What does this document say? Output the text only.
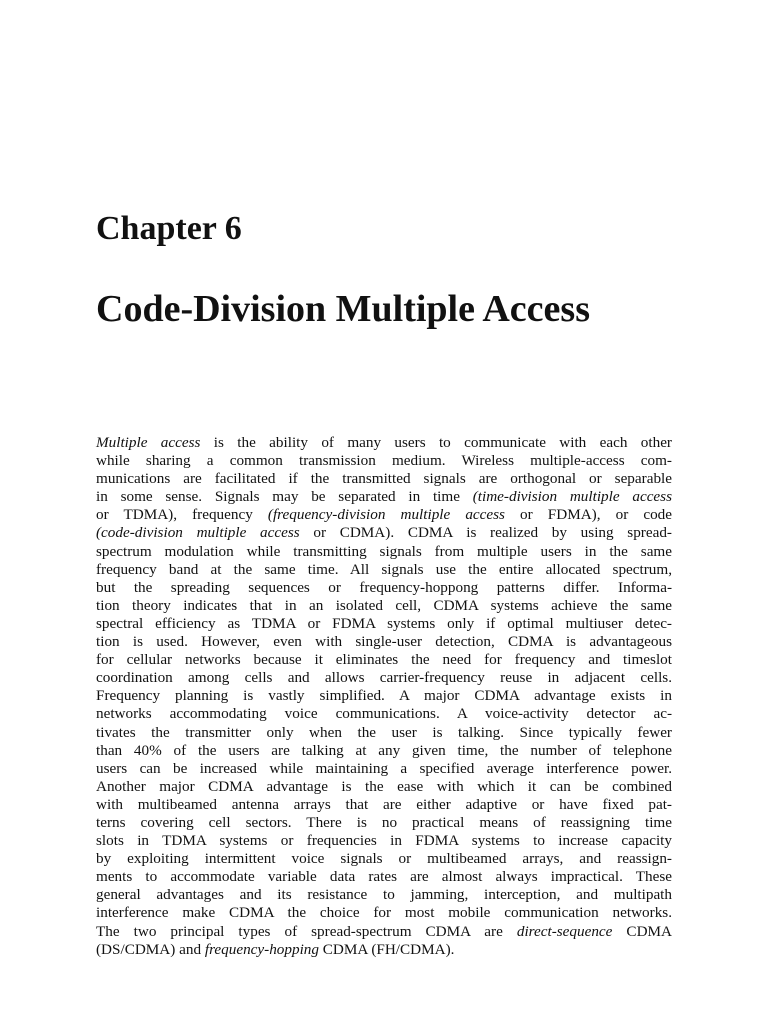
Chapter 6
Code-Division Multiple Access
Multiple access is the ability of many users to communicate with each other
while sharing a common transmission medium. Wireless multiple-access com-
munications are facilitated if the transmitted signals are orthogonal or separable
in some sense. Signals may be separated in time (time-division multiple access
or TDMA), frequency (frequency-division multiple access or FDMA), or code
(code-division multiple access or CDMA). CDMA is realized by using spread-
spectrum modulation while transmitting signals from multiple users in the same
frequency band at the same time. All signals use the entire allocated spectrum,
but the spreading sequences or frequency-hoppong patterns differ. Informa-
tion theory indicates that in an isolated cell, CDMA systems achieve the same
spectral efficiency as TDMA or FDMA systems only if optimal multiuser detec-
tion is used. However, even with single-user detection, CDMA is advantageous
for cellular networks because it eliminates the need for frequency and timeslot
coordination among cells and allows carrier-frequency reuse in adjacent cells.
Frequency planning is vastly simplified. A major CDMA advantage exists in
networks accommodating voice communications. A voice-activity detector ac-
tivates the transmitter only when the user is talking. Since typically fewer
than 40% of the users are talking at any given time, the number of telephone
users can be increased while maintaining a specified average interference power.
Another major CDMA advantage is the ease with which it can be combined
with multibeamed antenna arrays that are either adaptive or have fixed pat-
terns covering cell sectors. There is no practical means of reassigning time
slots in TDMA systems or frequencies in FDMA systems to increase capacity
by exploiting intermittent voice signals or multibeamed arrays, and reassign-
ments to accommodate variable data rates are almost always impractical. These
general advantages and its resistance to jamming, interception, and multipath
interference make CDMA the choice for most mobile communication networks.
The two principal types of spread-spectrum CDMA are direct-sequence CDMA
(DS/CDMA) and frequency-hopping CDMA (FH/CDMA).
